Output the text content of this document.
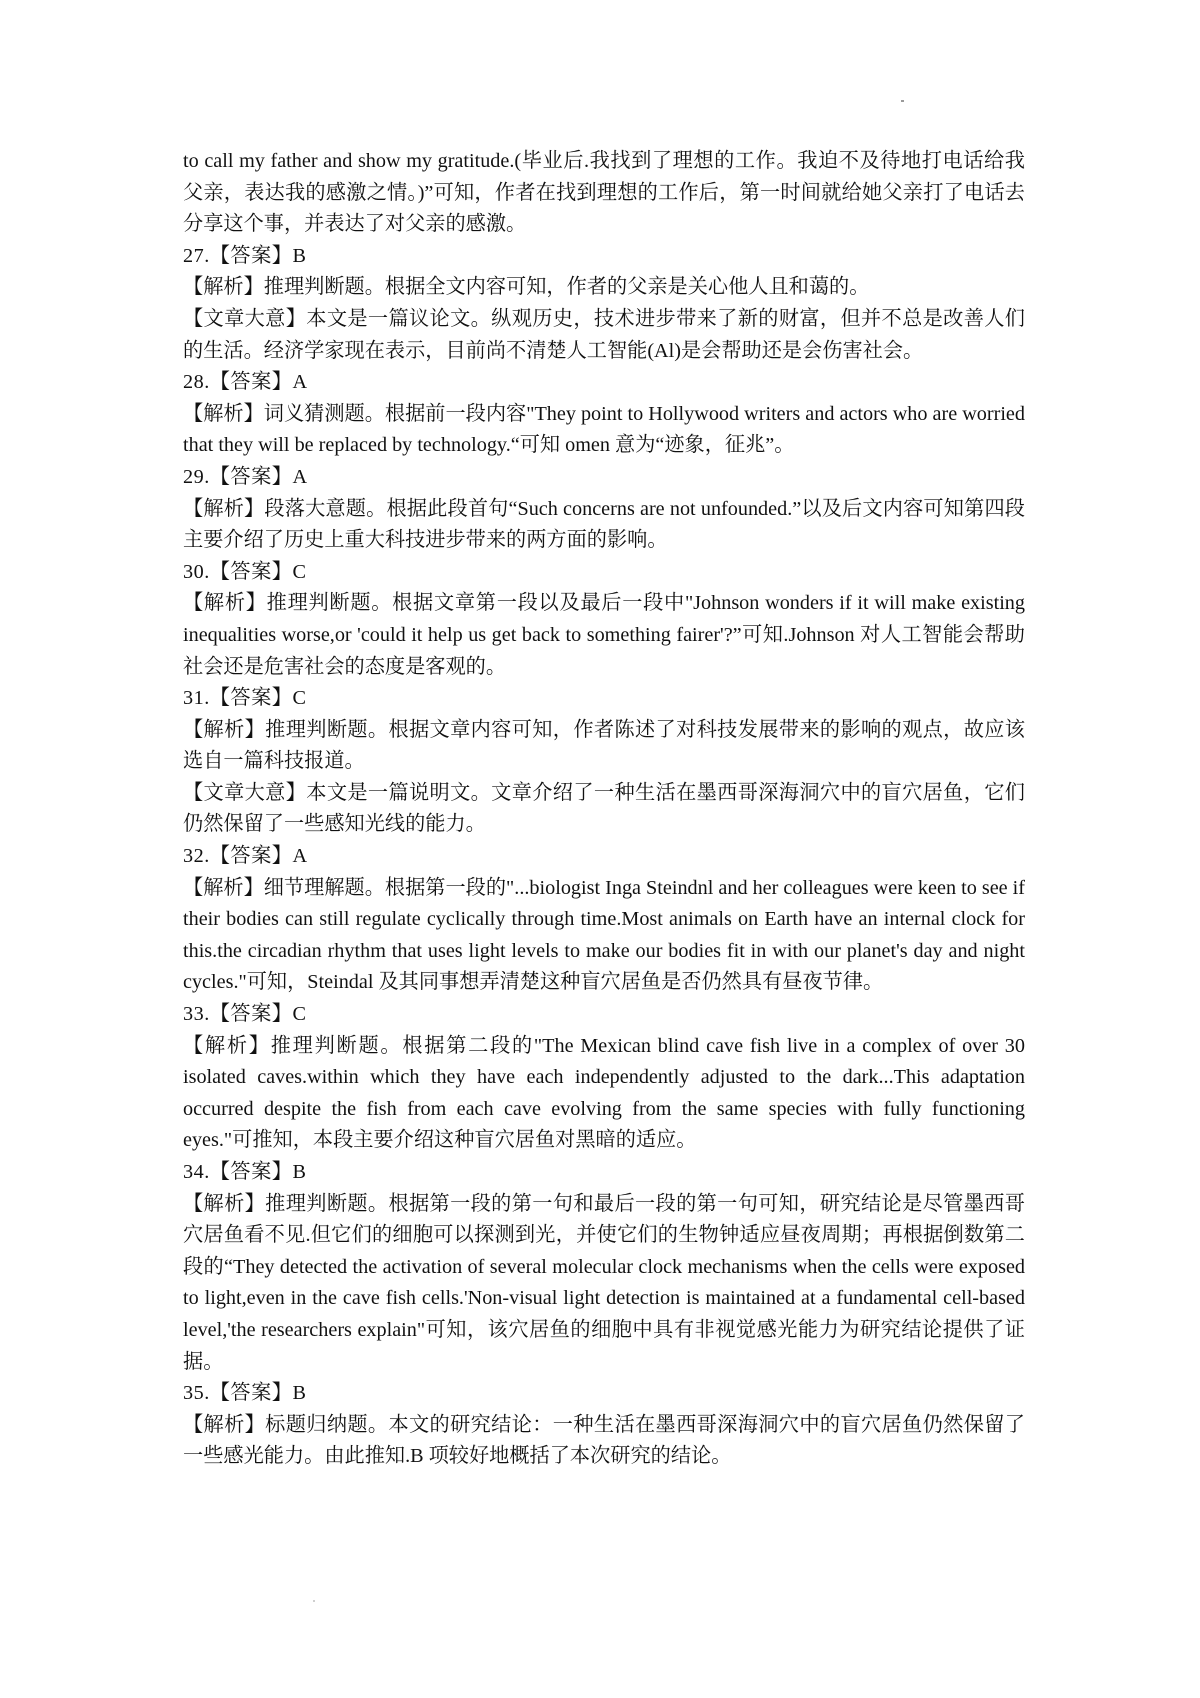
to call my father and show my gratitude.(毕业后.我找到了理想的工作。我迫不及待地打电话给我父亲，表达我的感激之情。)”可知，作者在找到理想的工作后，第一时间就给她父亲打了电话去分享这个事，并表达了对父亲的感激。

27.【答案】B

【解析】推理判断题。根据全文内容可知，作者的父亲是关心他人且和蔼的。

【文章大意】本文是一篇议论文。纵观历史，技术进步带来了新的财富，但并不总是改善人们的生活。经济学家现在表示，目前尚不清楚人工智能(Al)是会帮助还是会伤害社会。

28.【答案】A

【解析】词义猜测题。根据前一段内容"They point to Hollywood writers and actors who are worried that they will be replaced by technology.“可知 omen 意为“迹象，征兆”。

29.【答案】A

【解析】段落大意题。根据此段首句“Such concerns are not unfounded.”以及后文内容可知第四段主要介绍了历史上重大科技进步带来的两方面的影响。

30.【答案】C

【解析】推理判断题。根据文章第一段以及最后一段中"Johnson wonders if it will make existing inequalities worse,or 'could it help us get back to something fairer'?”可知.Johnson 对人工智能会帮助社会还是危害社会的态度是客观的。

31.【答案】C

【解析】推理判断题。根据文章内容可知，作者陈述了对科技发展带来的影响的观点，故应该选自一篇科技报道。

【文章大意】本文是一篇说明文。文章介绍了一种生活在墨西哥深海洞穴中的盲穴居鱼，它们仍然保留了一些感知光线的能力。

32.【答案】A

【解析】细节理解题。根据第一段的"...biologist Inga Steindnl and her colleagues were keen to see if their bodies can still regulate cyclically through time.Most animals on Earth have an internal clock for this.the circadian rhythm that uses light levels to make our bodies fit in with our planet's day and night cycles."可知，Steindal 及其同事想弄清楚这种盲穴居鱼是否仍然具有昼夜节律。

33.【答案】C

【解析】推理判断题。根据第二段的"The Mexican blind cave fish live in a complex of over 30 isolated caves.within which they have each independently adjusted to the dark...This adaptation occurred despite the fish from each cave evolving from the same species with fully functioning eyes."可推知，本段主要介绍这种盲穴居鱼对黑暗的适应。

34.【答案】B

【解析】推理判断题。根据第一段的第一句和最后一段的第一句可知，研究结论是尽管墨西哥穴居鱼看不见.但它们的细胞可以探测到光，并使它们的生物钟适应昼夜周期；再根据倒数第二段的“They detected the activation of several molecular clock mechanisms when the cells were exposed to light,even in the cave fish cells.'Non-visual light detection is maintained at a fundamental cell-based level,'the researchers explain"可知，该穴居鱼的细胞中具有非视觉感光能力为研究结论提供了证据。

35.【答案】B

【解析】标题归纳题。本文的研究结论：一种生活在墨西哥深海洞穴中的盲穴居鱼仍然保留了一些感光能力。由此推知.B 项较好地概括了本次研究的结论。
